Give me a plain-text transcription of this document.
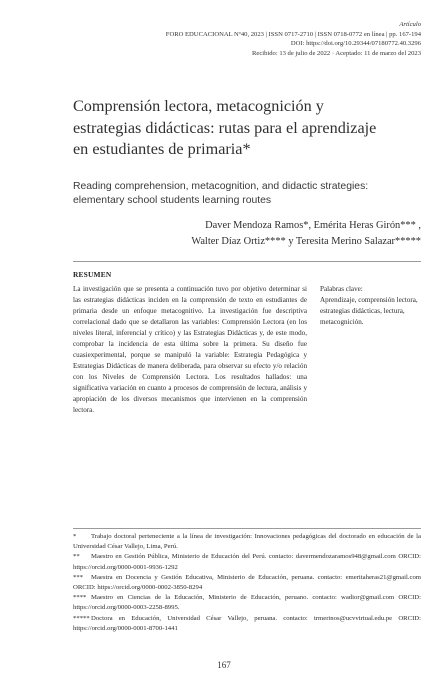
Artículo
FORO EDUCACIONAL Nº40, 2023 | ISSN 0717-2710 | ISSN 0718-0772 en línea | pp. 167-194
DOI: https://doi.org/10.29344/07180772.40.3296
Recibido: 13 de julio de 2022 · Aceptado: 11 de marzo del 2023
Comprensión lectora, metacognición y estrategias didácticas: rutas para el aprendizaje en estudiantes de primaria*

Reading comprehension, metacognition, and didactic strategies: elementary school students learning routes

Daver Mendoza Ramos*, Emérita Heras Girón*** ,
Walter Díaz Ortiz**** y Teresita Merino Salazar*****
RESUMEN

La investigación que se presenta a continuación tuvo por objetivo determinar si las estrategias didácticas inciden en la comprensión de texto en estudiantes de primaria desde un enfoque metacognitivo. La investigación fue descriptiva correlacional dado que se detallaron las variables: Comprensión Lectora (en los niveles literal, inferencial y crítico) y las Estrategias Didácticas y, de este modo, comprobar la incidencia de esta última sobre la primera. Su diseño fue cuasiexperimental, porque se manipuló la variable: Estrategia Pedagógica y Estrategias Didácticas de manera deliberada, para observar su efecto y/o relación con los Niveles de Comprensión Lectora. Los resultados hallados: una significativa variación en cuanto a procesos de comprensión de lectura, análisis y apropiación de los diversos mecanismos que intervienen en la comprensión lectora.

Palabras clave:
Aprendizaje, comprensión lectora, estrategias didácticas, lectura, metacognición.

* Trabajo doctoral perteneciente a la línea de investigación: Innovaciones pedagógicas del doctorado en educación de la Universidad César Vallejo, Lima, Perú.

** Maestro en Gestión Pública, Ministerio de Educación del Perú. contacto: davermendozaramos948@gmail.com ORCID: https://orcid.org/0000-0001-9936-1292

*** Maestra en Docencia y Gestión Educativa, Ministerio de Educación, peruana. contacto: emeritaheras21@gmail.com ORCID: https://orcid.org/0000-0002-3850-8294

**** Maestro en Ciencias de la Educación, Ministerio de Educación, peruano. contacto: wadior@gmail.com ORCID: https://orcid.org/0000-0003-2258-8995.

*****Doctora en Educación, Universidad César Vallejo, peruana. contacto: trmerinos@ucvvirtual.edu.pe ORCID: https://orcid.org/0000-0001-8700-1441

167
